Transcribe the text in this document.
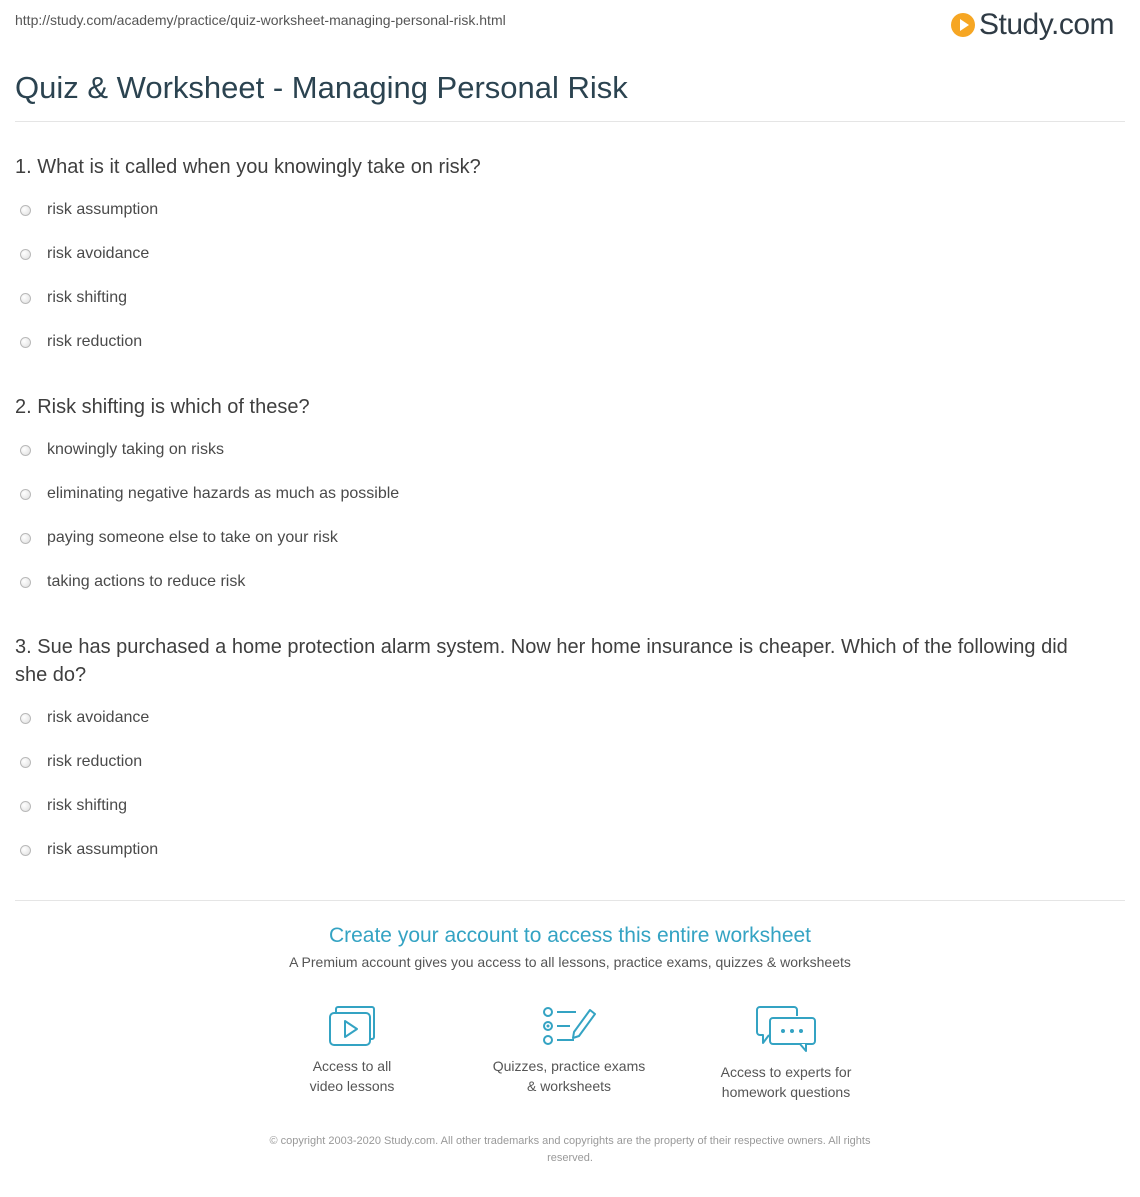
http://study.com/academy/practice/quiz-worksheet-managing-personal-risk.html	Study.com
Quiz & Worksheet - Managing Personal Risk
1. What is it called when you knowingly take on risk?
risk assumption
risk avoidance
risk shifting
risk reduction
2. Risk shifting is which of these?
knowingly taking on risks
eliminating negative hazards as much as possible
paying someone else to take on your risk
taking actions to reduce risk
3. Sue has purchased a home protection alarm system. Now her home insurance is cheaper. Which of the following did she do?
risk avoidance
risk reduction
risk shifting
risk assumption
Create your account to access this entire worksheet
A Premium account gives you access to all lessons, practice exams, quizzes & worksheets
Access to all
video lessons
Quizzes, practice exams
& worksheets
Access to experts for
homework questions
© copyright 2003-2020 Study.com. All other trademarks and copyrights are the property of their respective owners. All rights
reserved.
